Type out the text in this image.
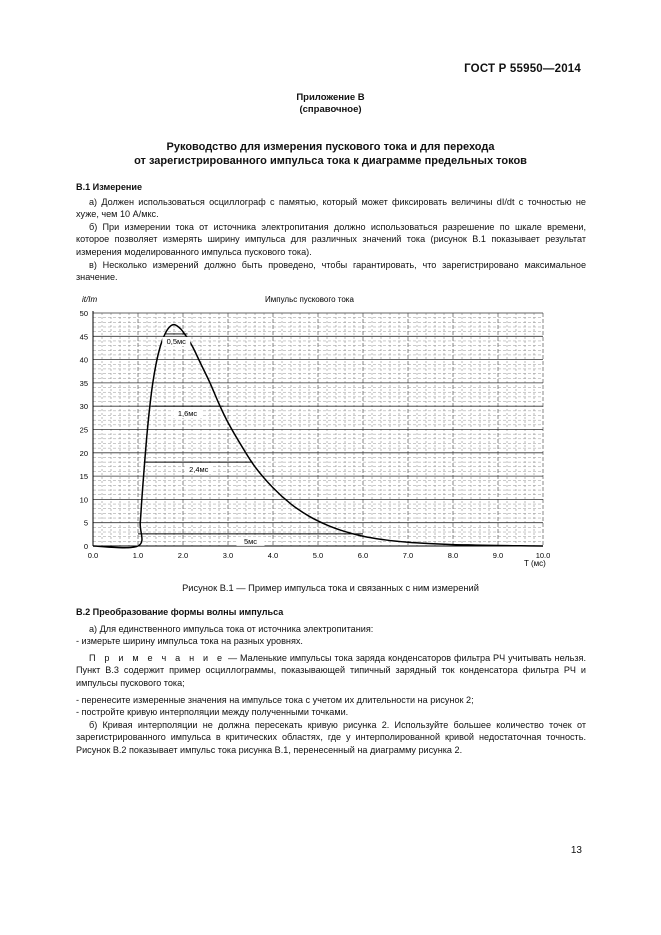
ГОСТ Р 55950—2014
Приложение В
(справочное)
Руководство для измерения пускового тока и для перехода
от зарегистрированного импульса тока к диаграмме предельных токов
В.1 Измерение
а) Должен использоваться осциллограф с памятью, который может фиксировать величины dI/dt с точностью не хуже, чем 10 А/мкс.
б) При измерении тока от источника электропитания должно использоваться разрешение по шкале времени, которое позволяет измерять ширину импульса для различных значений тока (рисунок В.1 показывает результат измерения моделированного импульса пускового тока).
в) Несколько измерений должно быть проведено, чтобы гарантировать, что зарегистрировано максимальное значение.
0.0	1.0	2.0	3.0	4.0	5.0	6.0	7.0	8.0	9.0	10.0
0
5
10
15
20
25
30
35
40
45
50
0,5мс
1,6мс
2,4мс
5мс
it/Im	Импульс пускового тока
T (мс)
Рисунок В.1 — Пример импульса тока и связанных с ним измерений
В.2 Преобразование формы волны импульса
а) Для единственного импульса тока от источника электропитания:
- измерьте ширину импульса тока на разных уровнях.
П р и м е ч а н и е — Маленькие импульсы тока заряда конденсаторов фильтра РЧ учитывать нельзя. Пункт В.3 содержит пример осциллограммы, показывающей типичный зарядный ток конденсатора фильтра РЧ и импульсы пускового тока;
- перенесите измеренные значения на импульсе тока с учетом их длительности на рисунок 2;
- постройте кривую интерполяции между полученными точками.
б) Кривая интерполяции не должна пересекать кривую рисунка 2. Используйте большее количество точек от зарегистрированного импульса в критических областях, где у интерполированной кривой недостаточная точность. Рисунок В.2 показывает импульс тока рисунка В.1, перенесенный на диаграмму рисунка 2.
13
